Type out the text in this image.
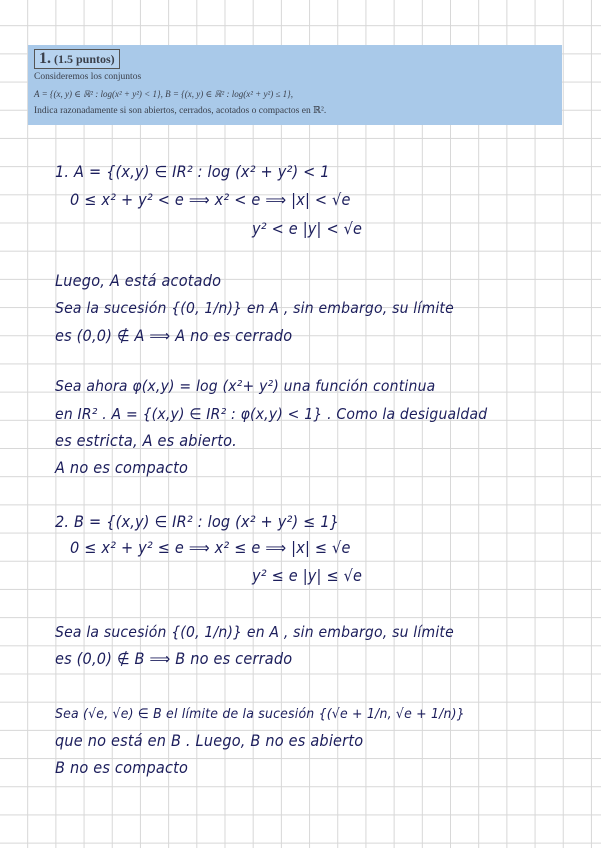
1. (1.5 puntos)
Consideremos los conjuntos
A = {(x, y) ∈ ℝ² : log(x² + y²) < 1}, B = {(x, y) ∈ ℝ² : log(x² + y²) ≤ 1},
Indica razonadamente si son abiertos, cerrados, acotados o compactos en ℝ².
1. A = {(x,y) ∈ IR² : log (x² + y²) < 1
0 ≤ x² + y² < e ⟹ x² < e ⟹ |x| < √e
y² < e |y| < √e
Luego, A está acotado
Sea la sucesión {(0, 1/n)} en A , sin embargo, su límite
es (0,0) ∉ A ⟹ A no es cerrado
Sea ahora φ(x,y) = log (x²+ y²) una función continua
en IR² . A = {(x,y) ∈ IR² : φ(x,y) < 1} . Como la desigualdad
es estricta, A es abierto.
A no es compacto
2. B = {(x,y) ∈ IR² : log (x² + y²) ≤ 1}
0 ≤ x² + y² ≤ e ⟹ x² ≤ e ⟹ |x| ≤ √e
y² ≤ e |y| ≤ √e
Sea la sucesión {(0, 1/n)} en A , sin embargo, su límite
es (0,0) ∉ B ⟹ B no es cerrado
Sea (√e, √e) ∈ B el límite de la sucesión {(√e + 1/n, √e + 1/n)}
que no está en B . Luego, B no es abierto
B no es compacto
